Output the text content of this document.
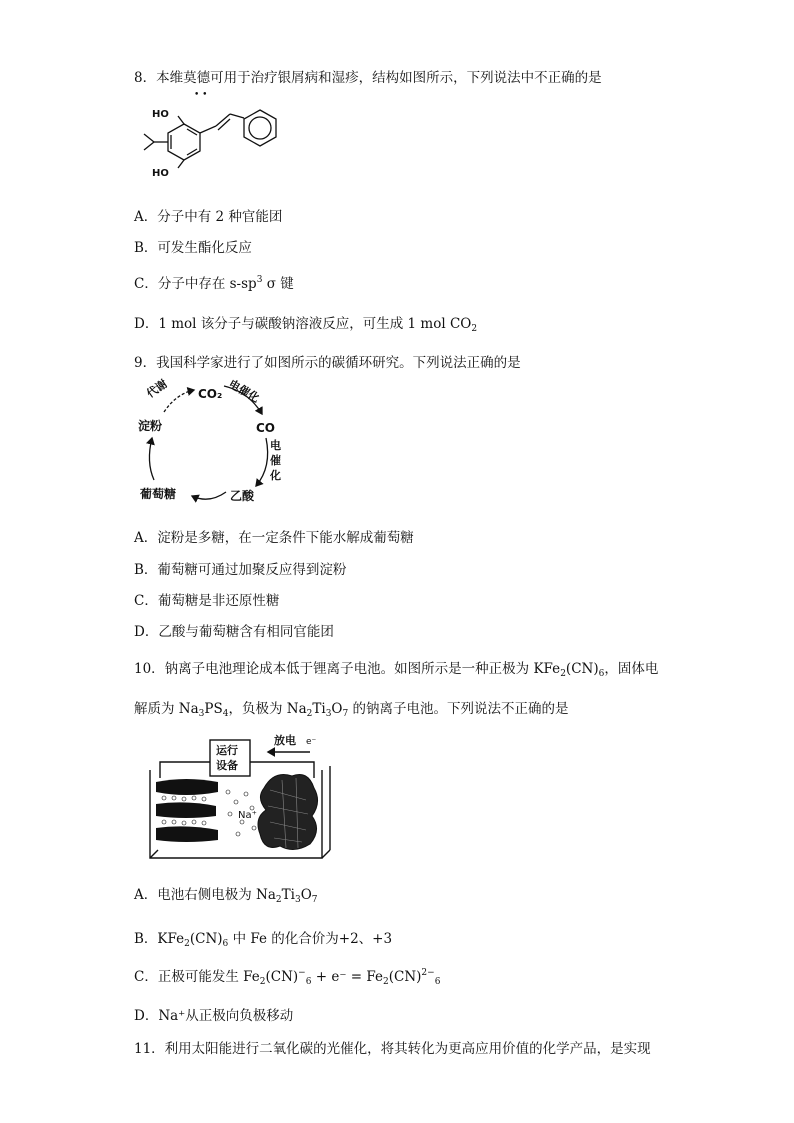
8．本维莫德可用于治疗银屑病和湿疹，结构如图所示，下列说法中不正确的是
• •
HO
HO
A．分子中有 2 种官能团
B．可发生酯化反应
C．分子中存在 $s-sp^3$ σ 键
D．1 mol 该分子与碳酸钠溶液反应，可生成 1 mol $CO_2$
9．我国科学家进行了如图所示的碳循环研究。下列说法正确的是
CO₂
CO
淀粉
葡萄糖	乙酸
电催化
代谢
电
催
化
A．淀粉是多糖，在一定条件下能水解成葡萄糖
B．葡萄糖可通过加聚反应得到淀粉
C．葡萄糖是非还原性糖
D．乙酸与葡萄糖含有相同官能团
10．钠离子电池理论成本低于锂离子电池。如图所示是一种正极为 $KFe_2(CN)_6$，固体电
解质为 $Na_3PS_4$，负极为 $Na_2Ti_3O_7$ 的钠离子电池。下列说法不正确的是
运行
设备
放电 e⁻
Na⁺
A．电池右侧电极为 $Na_2Ti_3O_7$
B．$KFe_2(CN)_6$ 中 Fe 的化合价为+2、+3
C．正极可能发生 $Fe_2(CN)^-_6 + e^- = Fe_2(CN)^{2-}_6$
D．Na⁺从正极向负极移动
11．利用太阳能进行二氧化碳的光催化，将其转化为更高应用价值的化学产品，是实现
